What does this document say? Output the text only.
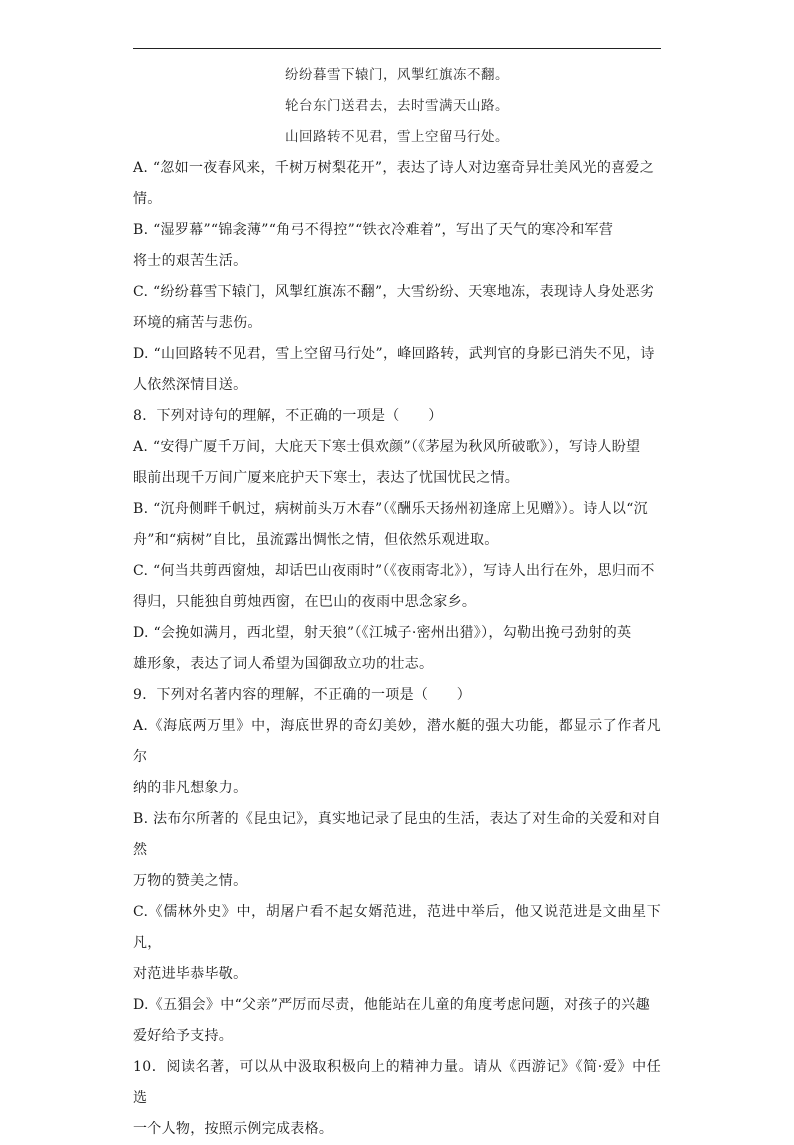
纷纷暮雪下辕门，风掣红旗冻不翻。
轮台东门送君去，去时雪满天山路。
山回路转不见君，雪上空留马行处。
A. “忽如一夜春风来，千树万树梨花开”，表达了诗人对边塞奇异壮美风光的喜爱之
情。
B. “湿罗幕”“锦衾薄”“角弓不得控”“铁衣冷难着”，写出了天气的寒冷和军营
将士的艰苦生活。
C. “纷纷暮雪下辕门，风掣红旗冻不翻”，大雪纷纷、天寒地冻，表现诗人身处恶劣
环境的痛苦与悲伤。
D. “山回路转不见君，雪上空留马行处”，峰回路转，武判官的身影已消失不见，诗
人依然深情目送。
8．下列对诗句的理解，不正确的一项是（　　）
A. “安得广厦千万间，大庇天下寒士俱欢颜”（《茅屋为秋风所破歌》），写诗人盼望
眼前出现千万间广厦来庇护天下寒士，表达了忧国忧民之情。
B. “沉舟侧畔千帆过，病树前头万木春”（《酬乐天扬州初逢席上见赠》）。诗人以“沉
舟”和“病树”自比，虽流露出惆怅之情，但依然乐观进取。
C. “何当共剪西窗烛，却话巴山夜雨时”（《夜雨寄北》），写诗人出行在外，思归而不
得归，只能独自剪烛西窗，在巴山的夜雨中思念家乡。
D. “会挽如满月，西北望，射天狼”（《江城子·密州出猎》），勾勒出挽弓劲射的英
雄形象，表达了词人希望为国御敌立功的壮志。
9．下列对名著内容的理解，不正确的一项是（　　）
A.《海底两万里》中，海底世界的奇幻美妙，潜水艇的强大功能，都显示了作者凡尔
纳的非凡想象力。
B. 法布尔所著的《昆虫记》，真实地记录了昆虫的生活，表达了对生命的关爱和对自然
万物的赞美之情。
C.《儒林外史》中，胡屠户看不起女婿范进，范进中举后，他又说范进是文曲星下凡，
对范进毕恭毕敬。
D.《五猖会》中“父亲”严厉而尽责，他能站在儿童的角度考虑问题，对孩子的兴趣
爱好给予支持。
10．阅读名著，可以从中汲取积极向上的精神力量。请从《西游记》《简·爱》中任选
一个人物，按照示例完成表格。
